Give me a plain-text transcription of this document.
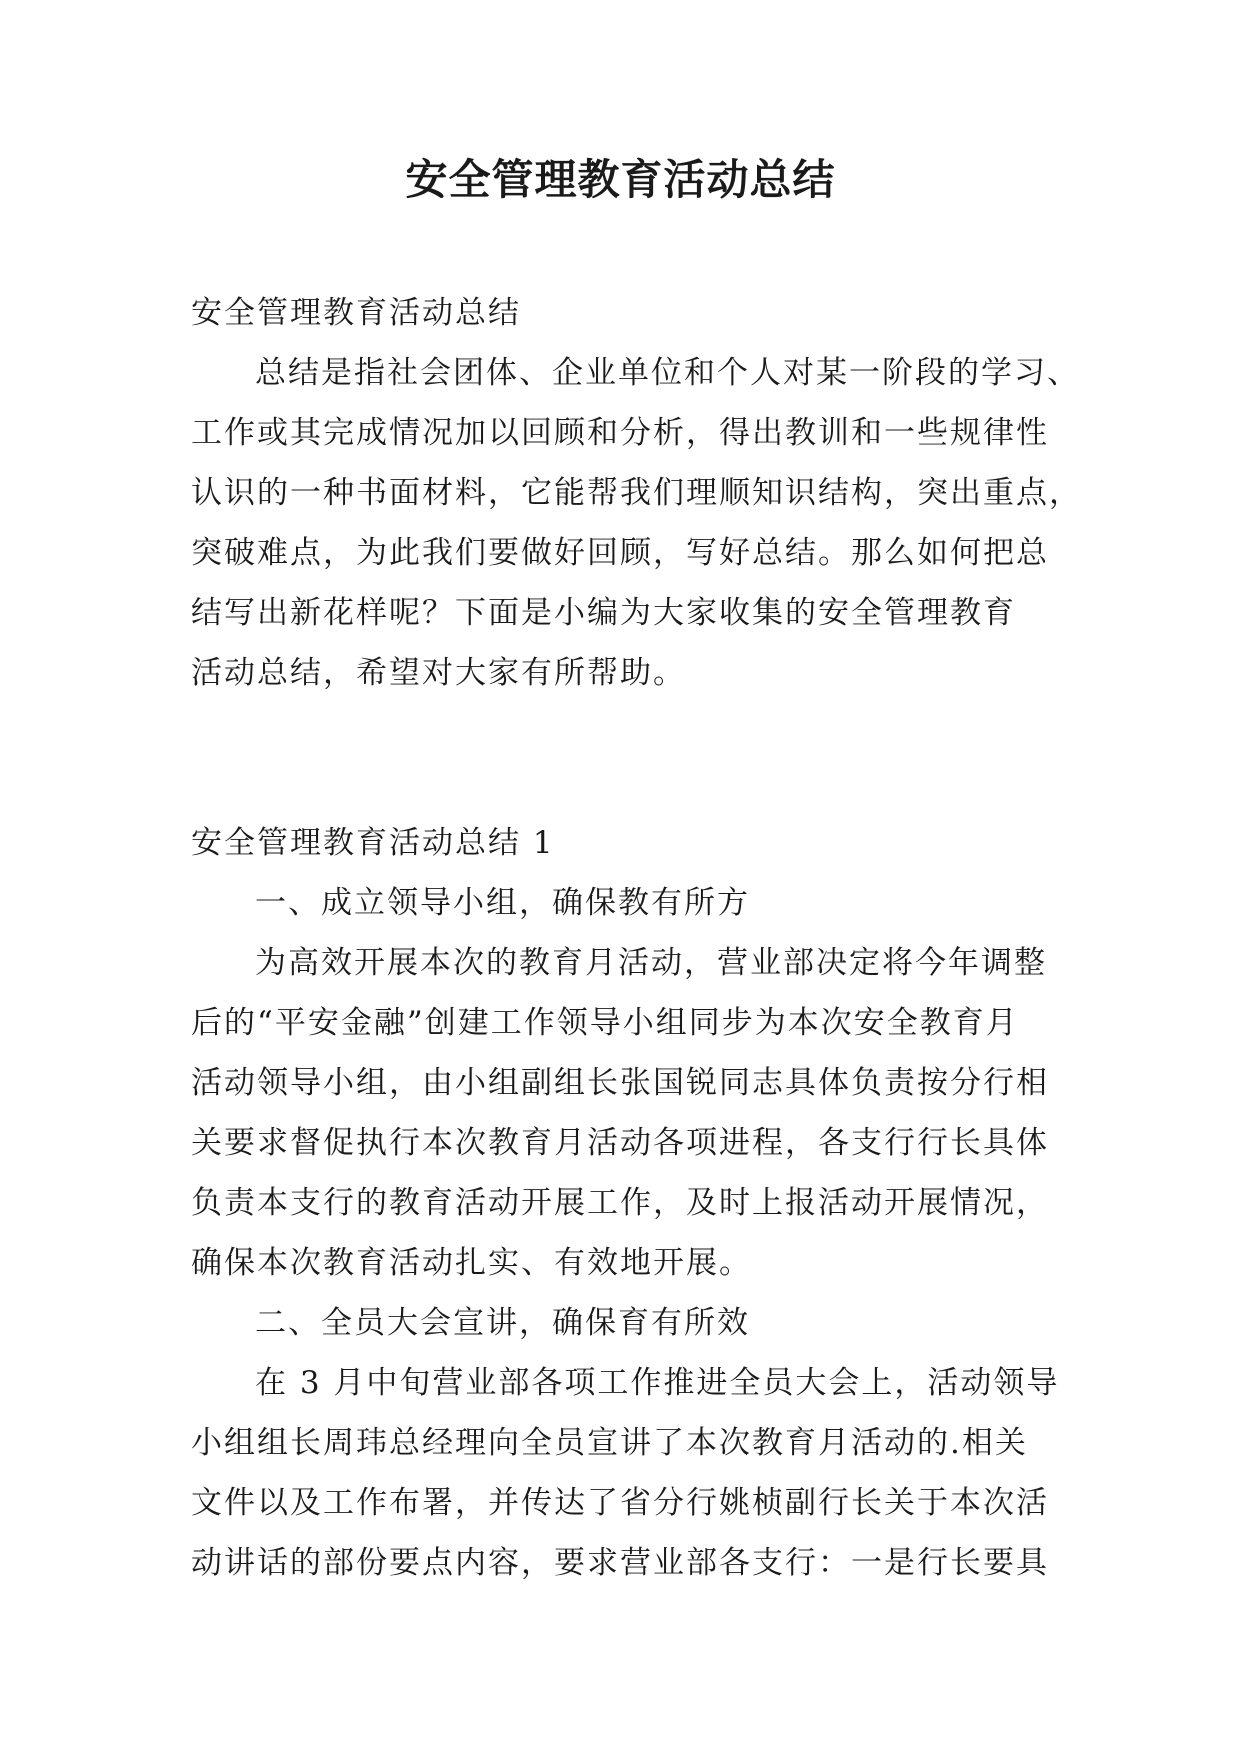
安全管理教育活动总结

安全管理教育活动总结

总结是指社会团体、企业单位和个人对某一阶段的学习、

工作或其完成情况加以回顾和分析，得出教训和一些规律性

认识的一种书面材料，它能帮我们理顺知识结构，突出重点，

突破难点，为此我们要做好回顾，写好总结。那么如何把总

结写出新花样呢？下面是小编为大家收集的安全管理教育

活动总结，希望对大家有所帮助。

安全管理教育活动总结 1

一、成立领导小组，确保教有所方

为高效开展本次的教育月活动，营业部决定将今年调整

后的“平安金融”创建工作领导小组同步为本次安全教育月

活动领导小组，由小组副组长张国锐同志具体负责按分行相

关要求督促执行本次教育月活动各项进程，各支行行长具体

负责本支行的教育活动开展工作，及时上报活动开展情况，

确保本次教育活动扎实、有效地开展。

二、全员大会宣讲，确保育有所效

在 3 月中旬营业部各项工作推进全员大会上，活动领导

小组组长周玮总经理向全员宣讲了本次教育月活动的.相关

文件以及工作布署，并传达了省分行姚桢副行长关于本次活

动讲话的部份要点内容，要求营业部各支行：一是行长要具
